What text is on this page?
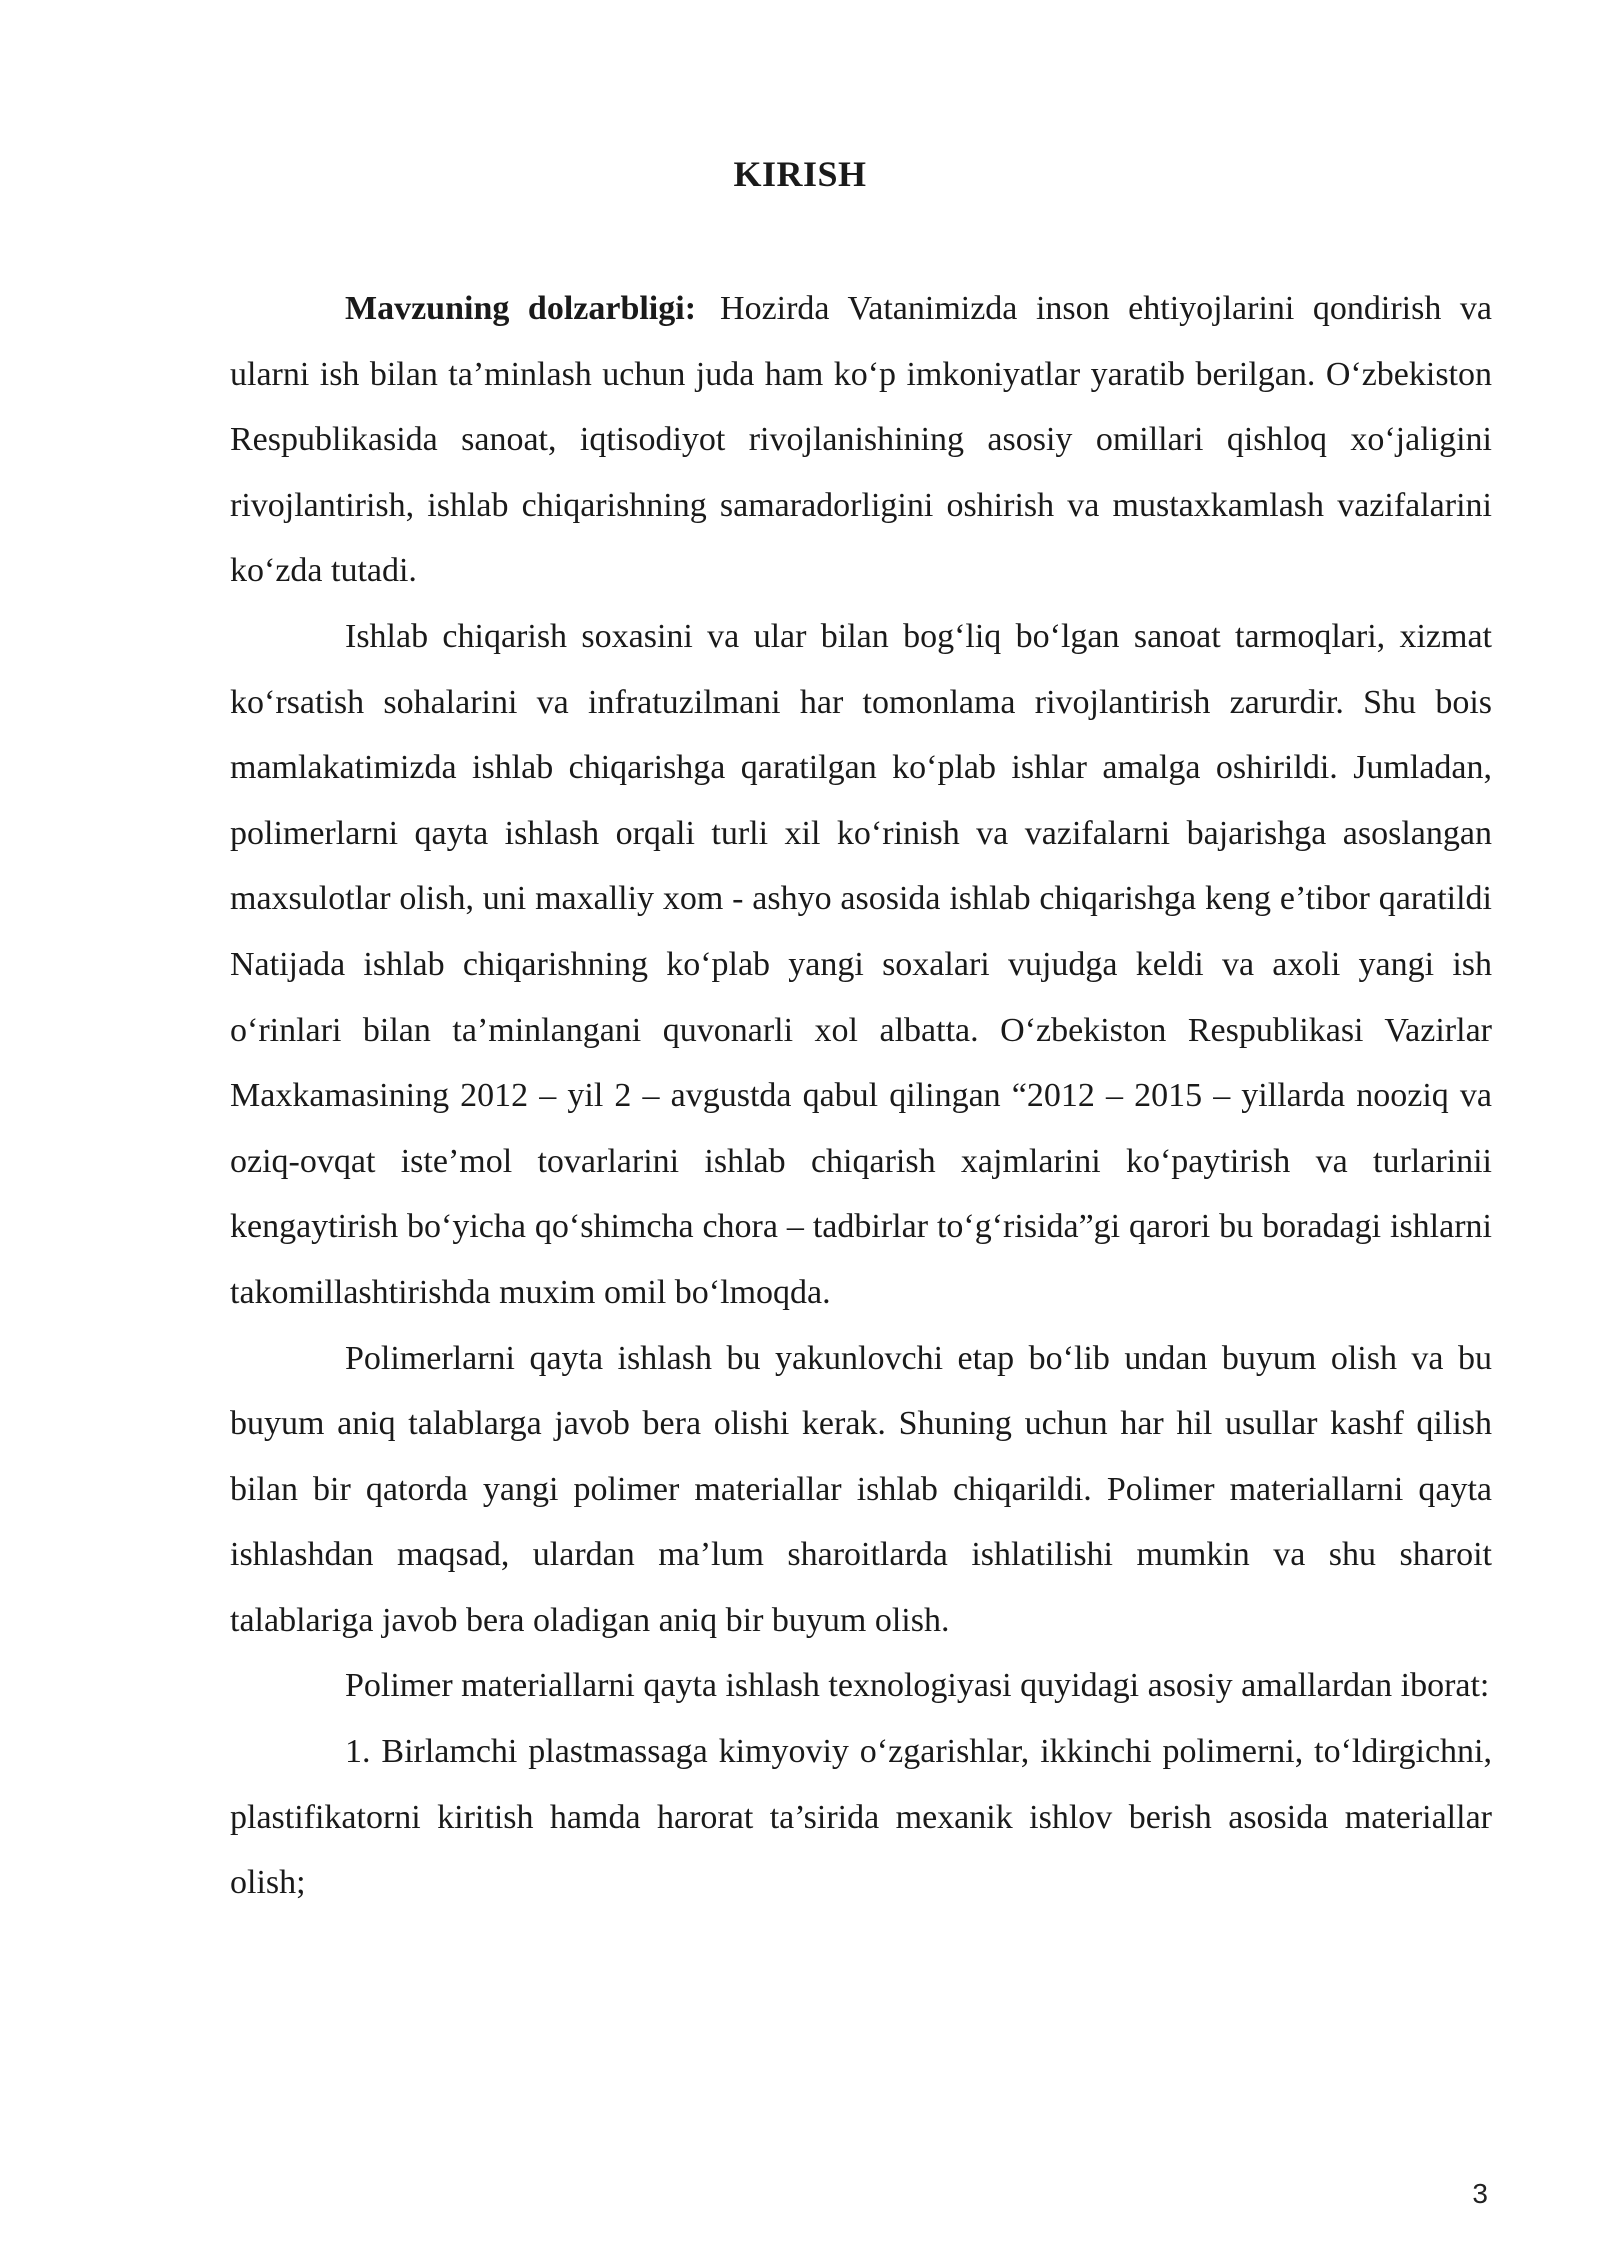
KIRISH

Mavzuning dolzarbligi: Hozirda Vatanimizda inson ehtiyojlarini qondirish va ularni ish bilan ta’minlash uchun juda ham ko‘p imkoniyatlar yaratib berilgan. O‘zbekiston Respublikasida sanoat, iqtisodiyot rivojlanishining asosiy omillari qishloq xo‘jaligini rivojlantirish, ishlab chiqarishning samaradorligini oshirish va mustaxkamlash vazifalarini ko‘zda tutadi.

Ishlab chiqarish soxasini va ular bilan bog‘liq bo‘lgan sanoat tarmoqlari, xizmat ko‘rsatish sohalarini va infratuzilmani har tomonlama rivojlantirish zarurdir. Shu bois mamlakatimizda ishlab chiqarishga qaratilgan ko‘plab ishlar amalga oshirildi. Jumladan, polimerlarni qayta ishlash orqali turli xil ko‘rinish va vazifalarni bajarishga asoslangan maxsulotlar olish, uni maxalliy xom - ashyo asosida ishlab chiqarishga keng e’tibor qaratildi Natijada ishlab chiqarishning ko‘plab yangi soxalari vujudga keldi va axoli yangi ish o‘rinlari bilan ta’minlangani quvonarli xol albatta. O‘zbekiston Respublikasi Vazirlar Maxkamasining 2012 – yil 2 – avgustda qabul qilingan “2012 – 2015 – yillarda nooziq va oziq-ovqat iste’mol tovarlarini ishlab chiqarish xajmlarini ko‘paytirish va turlarinii kengaytirish bo‘yicha qo‘shimcha chora – tadbirlar to‘g‘risida”gi qarori bu boradagi ishlarni takomillashtirishda muxim omil bo‘lmoqda.

Polimerlarni qayta ishlash bu yakunlovchi etap bo‘lib undan buyum olish va bu buyum aniq talablarga javob bera olishi kerak. Shuning uchun har hil usullar kashf qilish bilan bir qatorda yangi polimer materiallar ishlab chiqarildi. Polimer materiallarni qayta ishlashdan maqsad, ulardan ma’lum sharoitlarda ishlatilishi mumkin va shu sharoit talablariga javob bera oladigan aniq bir buyum olish.

Polimer materiallarni qayta ishlash texnologiyasi quyidagi asosiy amallardan iborat:

1. Birlamchi plastmassaga kimyoviy o‘zgarishlar, ikkinchi polimerni, to‘ldirgichni, plastifikatorni kiritish hamda harorat ta’sirida mexanik ishlov berish asosida materiallar olish;

3
